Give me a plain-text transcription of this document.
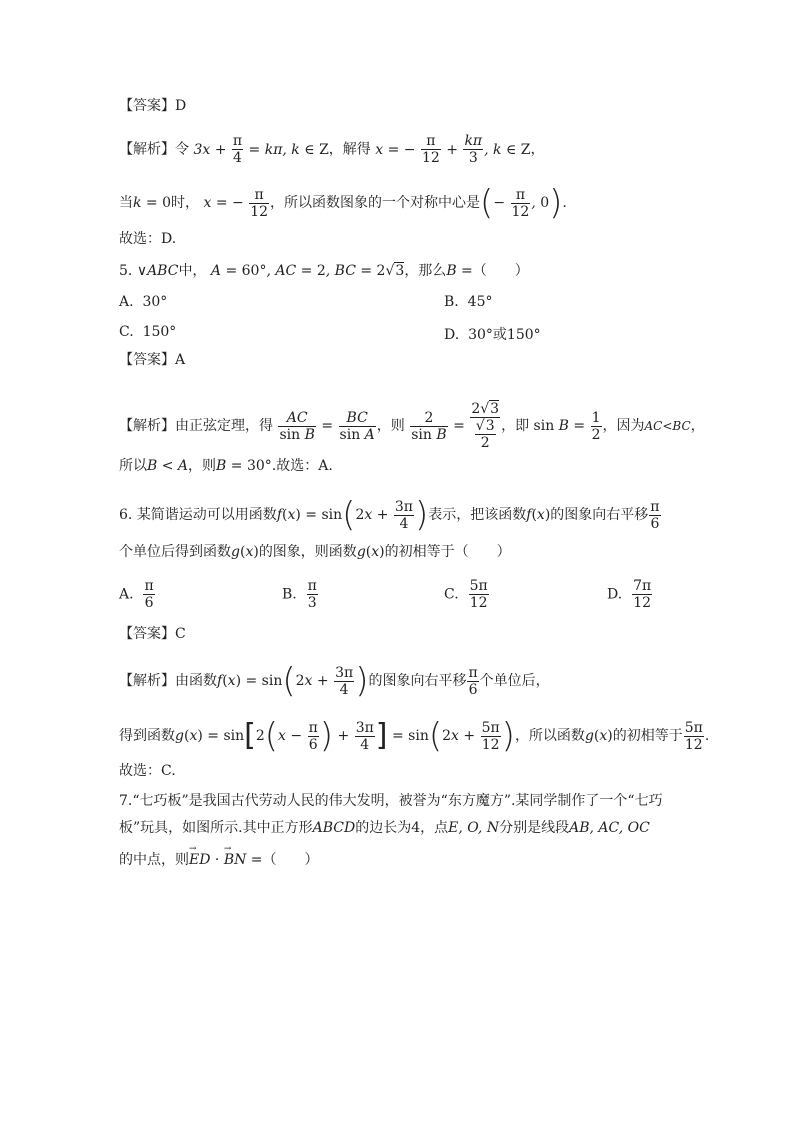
【答案】D
【解析】令 $3x + \frac{\pi}{4} = k\pi$, k ∈ Z，解得 x = − $\frac{\pi}{12} + \frac{k\pi}{3}$ , k ∈ Z，
当k = 0时， x = − $\frac{\pi}{12}$ ，所以函数图象的一个对称中心是(− $\frac{\pi}{12}$ , 0).
故选：D.
5. ∨ABC中， A = 60°, AC = 2, BC = 2√3，那么B =（　　）
A. 30°	B. 45°
C. 150°	D. 30°或150°
【答案】A
【解析】由正弦定理，得 $\frac{AC}{\text{sin B}} = \frac{BC}{\text{sin A}}$ ，则 $\frac{2}{\text{sin B}} = \frac{2√3}{\frac{√3}{2}}$ ，即 $\sin B = \frac{1}{2}$ ，因为AC<BC，
所以B < A，则B = 30°.故选：A.
6. 某简谐运动可以用函数$f(x) = \sin(2x + \frac{3\pi}{4}$ )表示，把该函数f(x)的图象向右平移 $\frac{\pi}{6}$
个单位后得到函数g(x)的图象，则函数g(x)的初相等于（　　）
A. $\frac{\pi}{6}$	B. $\frac{\pi}{3}$	C. $\frac{5\pi}{12}$	D. $\frac{7\pi}{12}$
【答案】C
【解析】由函数$f(x) = \sin(2x + \frac{3\pi}{4}$ )的图象向右平移 $\frac{\pi}{6}$ 个单位后，
得到函数$g(x) = \sin[2(x - \frac{\pi}{6}$ ) + $\frac{3\pi}{4}$ ] = $\sin(2x + \frac{5\pi}{12}$ )，所以函数g(x)的初相等于 $\frac{5\pi}{12}$ .
故选：C.
7.“七巧板”是我国古代劳动人民的伟大发明，被誉为“东方魔方”.某同学制作了一个“七巧
板”玩具，如图所示.其中正方形ABCD的边长为4，点E, O, N分别是线段AB, AC, OC
的中点，则→ ED · → BN =（　　）
